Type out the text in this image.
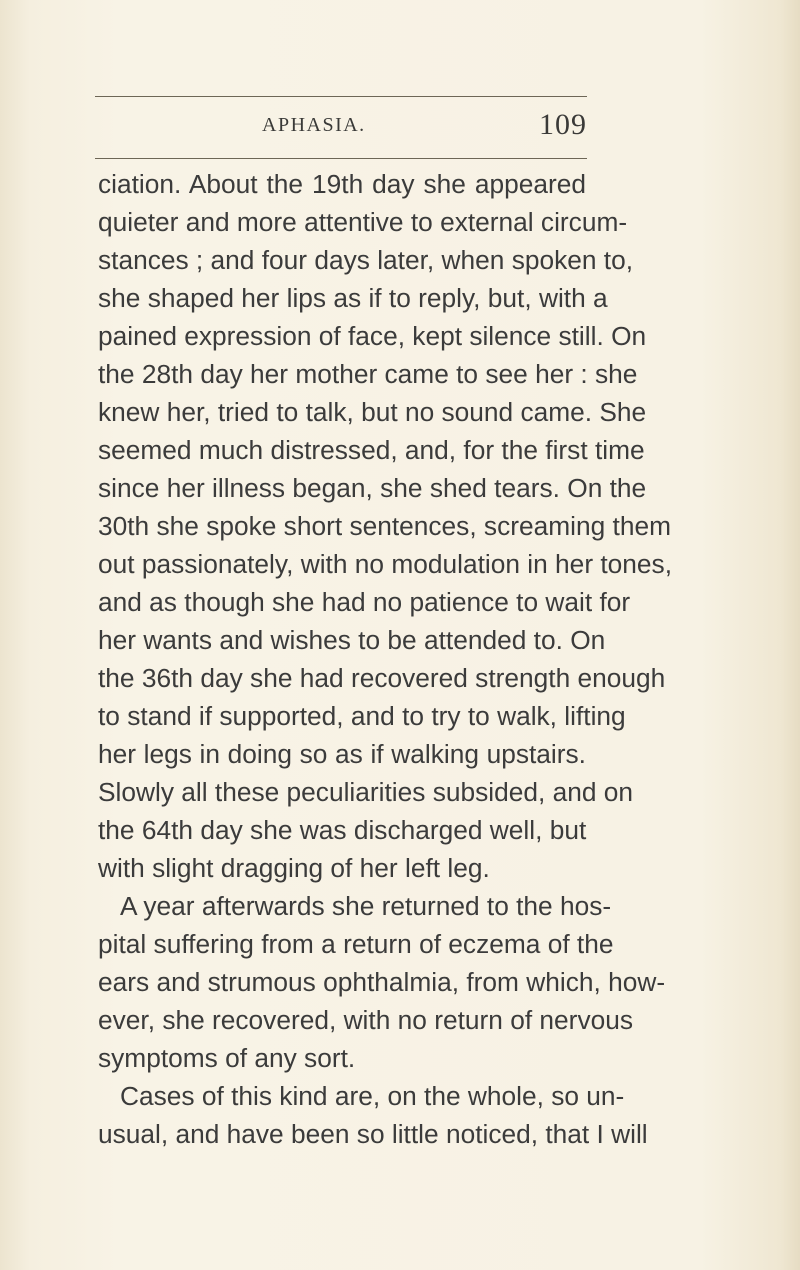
APHASIA.	109
ciation. About the 19th day she appeared
quieter and more attentive to external circum-
stances ; and four days later, when spoken to,
she shaped her lips as if to reply, but, with a
pained expression of face, kept silence still. On
the 28th day her mother came to see her : she
knew her, tried to talk, but no sound came. She
seemed much distressed, and, for the first time
since her illness began, she shed tears. On the
30th she spoke short sentences, screaming them
out passionately, with no modulation in her tones,
and as though she had no patience to wait for
her wants and wishes to be attended to. On
the 36th day she had recovered strength enough
to stand if supported, and to try to walk, lifting
her legs in doing so as if walking upstairs.
Slowly all these peculiarities subsided, and on
the 64th day she was discharged well, but
with slight dragging of her left leg.
A year afterwards she returned to the hos-
pital suffering from a return of eczema of the
ears and strumous ophthalmia, from which, how-
ever, she recovered, with no return of nervous
symptoms of any sort.
Cases of this kind are, on the whole, so un-
usual, and have been so little noticed, that I will
